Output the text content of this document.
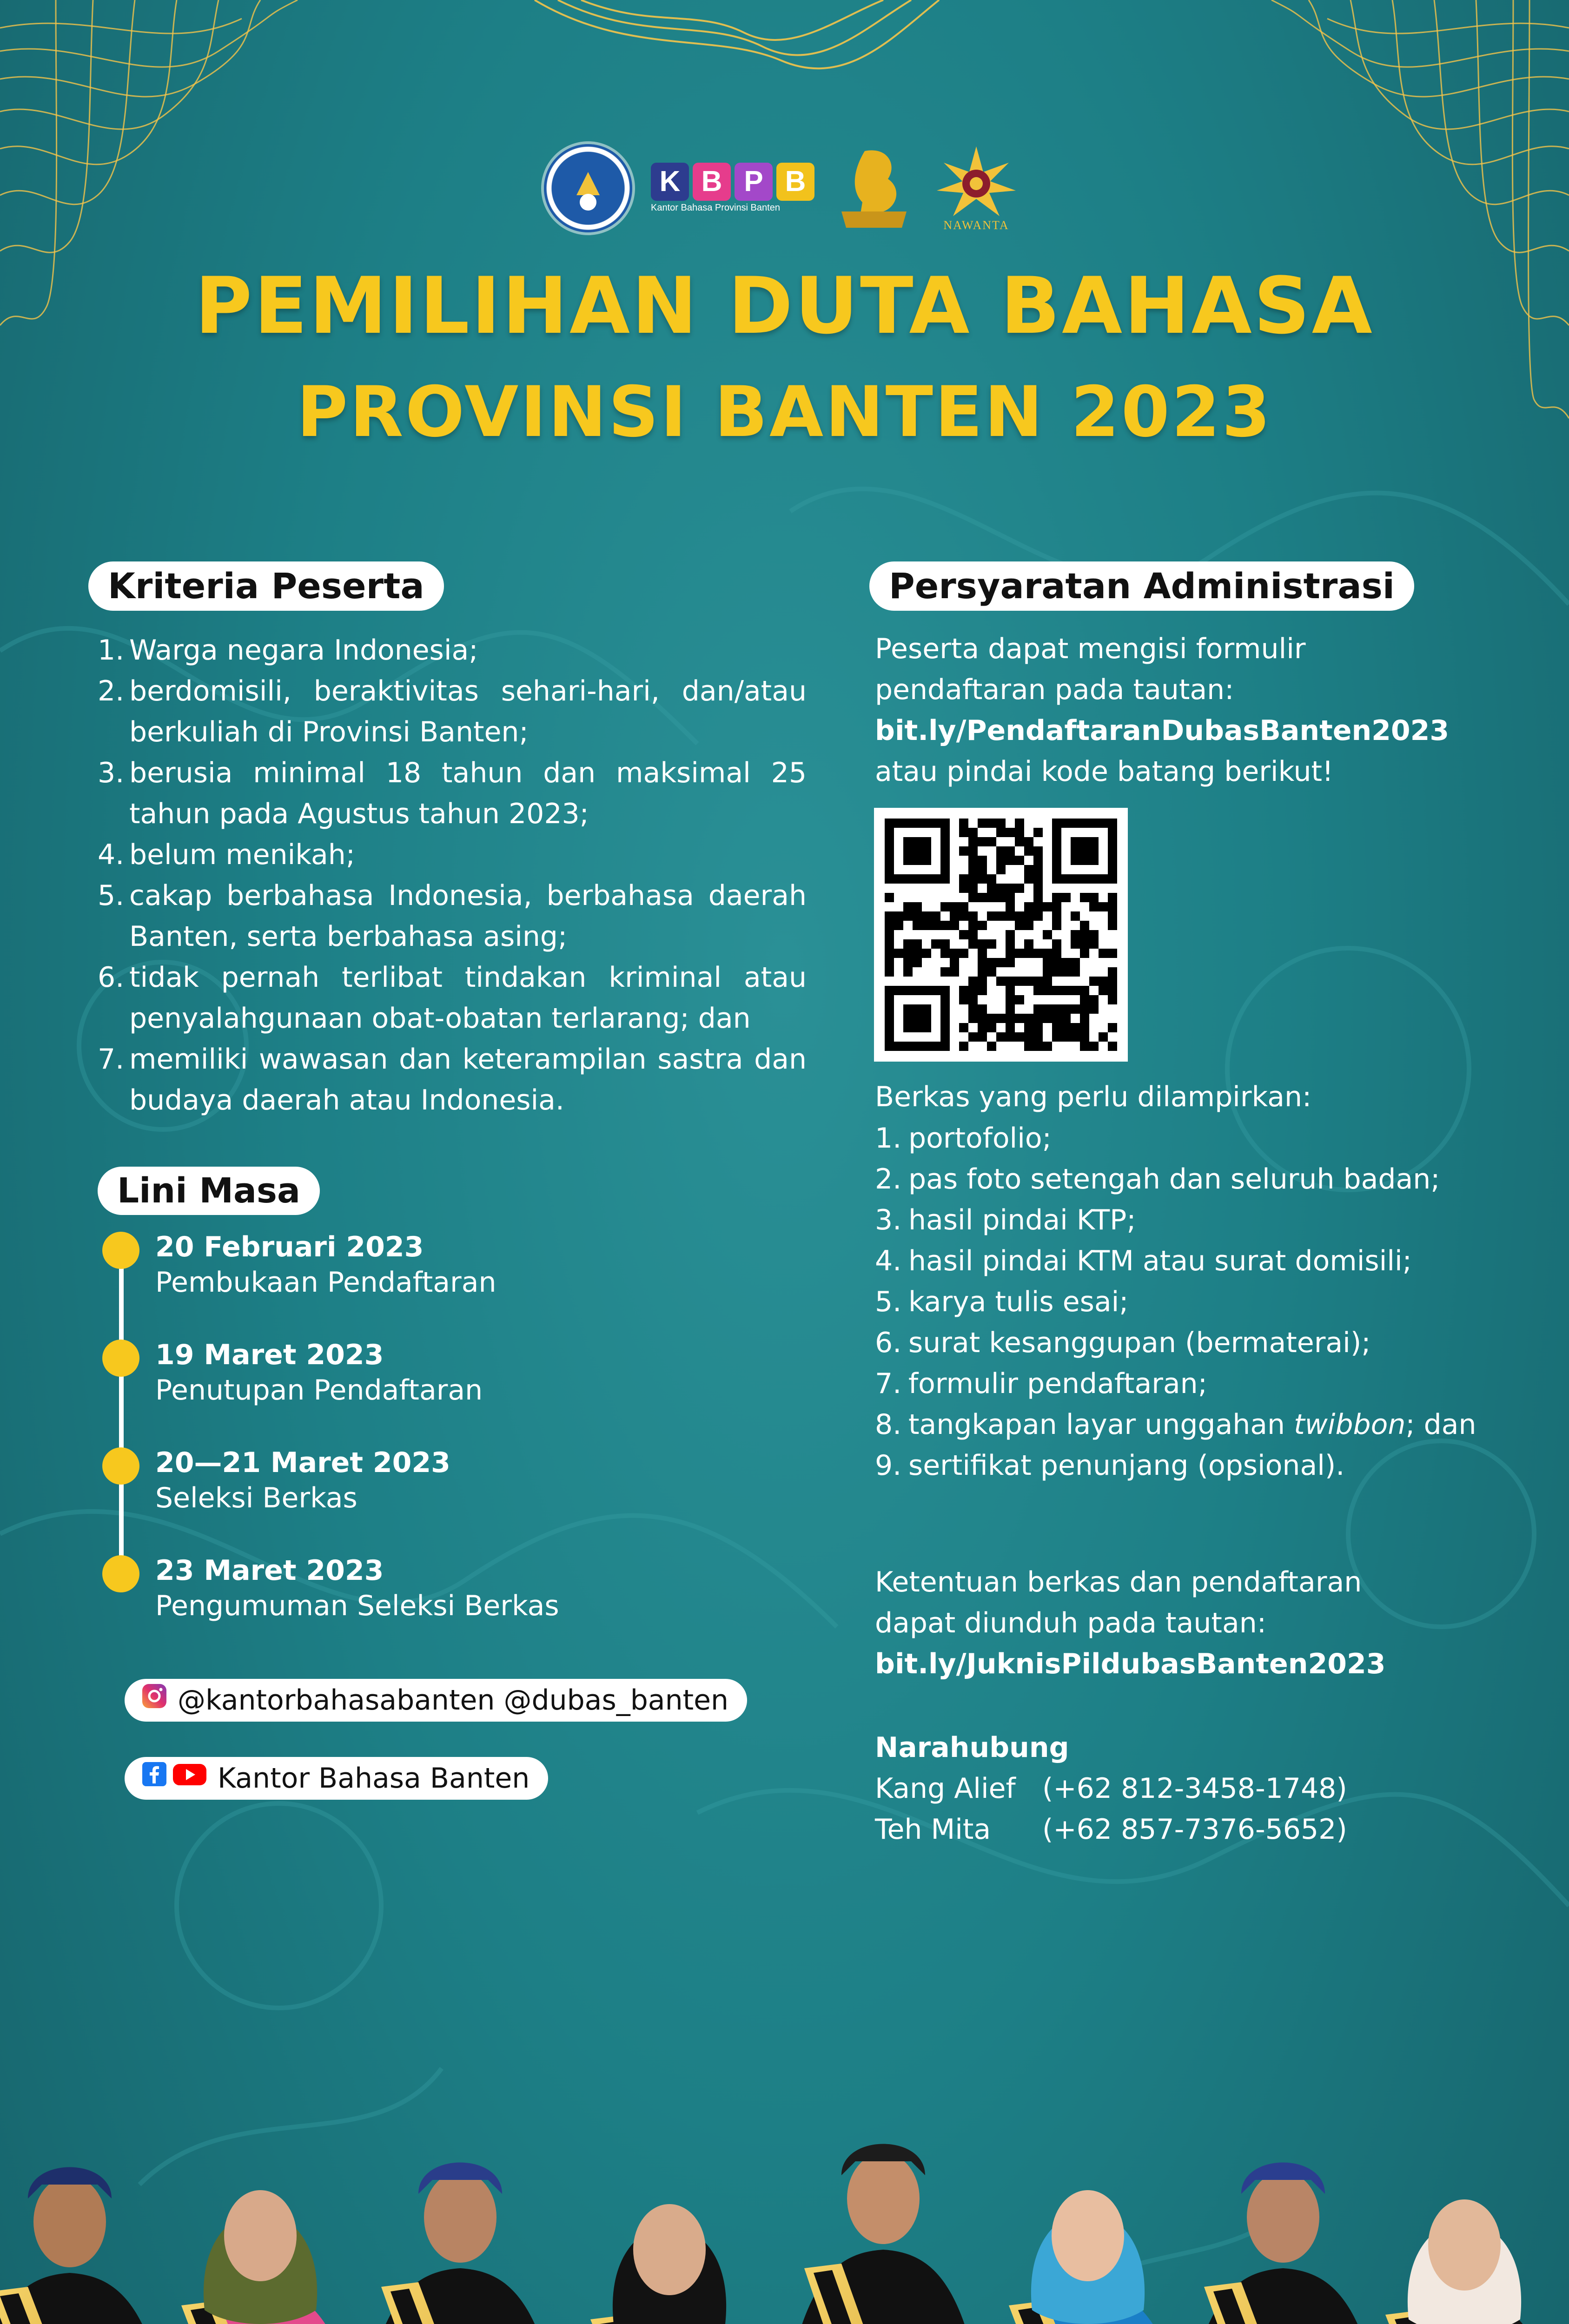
K B P B
Kantor Bahasa Provinsi Banten
NAWANTA
PEMILIHAN DUTA BAHASA
PROVINSI BANTEN 2023
Kriteria Peserta
1. Warga negara Indonesia;
2. berdomisili, beraktivitas sehari-hari, dan/atau berkuliah di Provinsi Banten;
3. berusia minimal 18 tahun dan maksimal 25 tahun pada Agustus tahun 2023;
4. belum menikah;
5. cakap berbahasa Indonesia, berbahasa daerah Banten, serta berbahasa asing;
6. tidak pernah terlibat tindakan kriminal atau penyalahgunaan obat-obatan terlarang; dan
7. memiliki wawasan dan keterampilan sastra dan budaya daerah atau Indonesia.
Lini Masa
20 Februari 2023
Pembukaan Pendaftaran
19 Maret 2023
Penutupan Pendaftaran
20—21 Maret 2023
Seleksi Berkas
23 Maret 2023
Pengumuman Seleksi Berkas
@kantorbahasabanten @dubas_banten
Kantor Bahasa Banten
Persyaratan Administrasi
Peserta dapat mengisi formulir
pendaftaran pada tautan:
bit.ly/PendaftaranDubasBanten2023
atau pindai kode batang berikut!
Berkas yang perlu dilampirkan:
1. portofolio;
2. pas foto setengah dan seluruh badan;
3. hasil pindai KTP;
4. hasil pindai KTM atau surat domisili;
5. karya tulis esai;
6. surat kesanggupan (bermaterai);
7. formulir pendaftaran;
8. tangkapan layar unggahan twibbon; dan
9. sertifikat penunjang (opsional).
Ketentuan berkas dan pendaftaran
dapat diunduh pada tautan:
bit.ly/JuknisPildubasBanten2023
Narahubung
Kang Alief (+62 812-3458-1748)
Teh Mita (+62 857-7376-5652)
